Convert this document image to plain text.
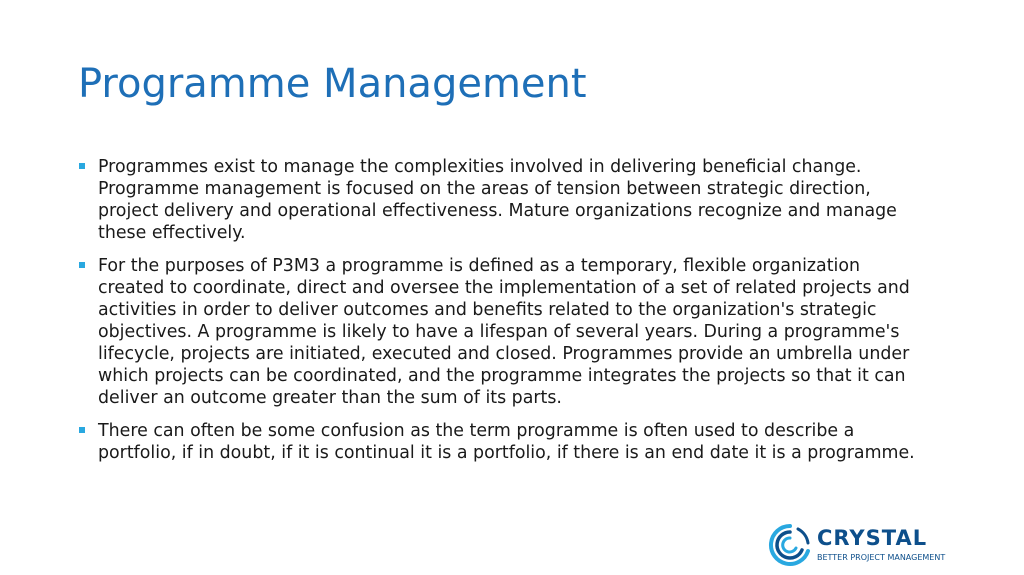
Programme Management
Programmes exist to manage the complexities involved in delivering beneficial change. Programme management is focused on the areas of tension between strategic direction, project delivery and operational effectiveness. Mature organizations recognize and manage these effectively.
For the purposes of P3M3 a programme is defined as a temporary, flexible organization created to coordinate, direct and oversee the implementation of a set of related projects and activities in order to deliver outcomes and benefits related to the organization's strategic objectives. A programme is likely to have a lifespan of several years. During a programme's lifecycle, projects are initiated, executed and closed. Programmes provide an umbrella under which projects can be coordinated, and the programme integrates the projects so that it can deliver an outcome greater than the sum of its parts.
There can often be some confusion as the term programme is often used to describe a portfolio, if in doubt, if it is continual it is a portfolio, if there is an end date it is a programme.
CRYSTAL
BETTER PROJECT MANAGEMENT
